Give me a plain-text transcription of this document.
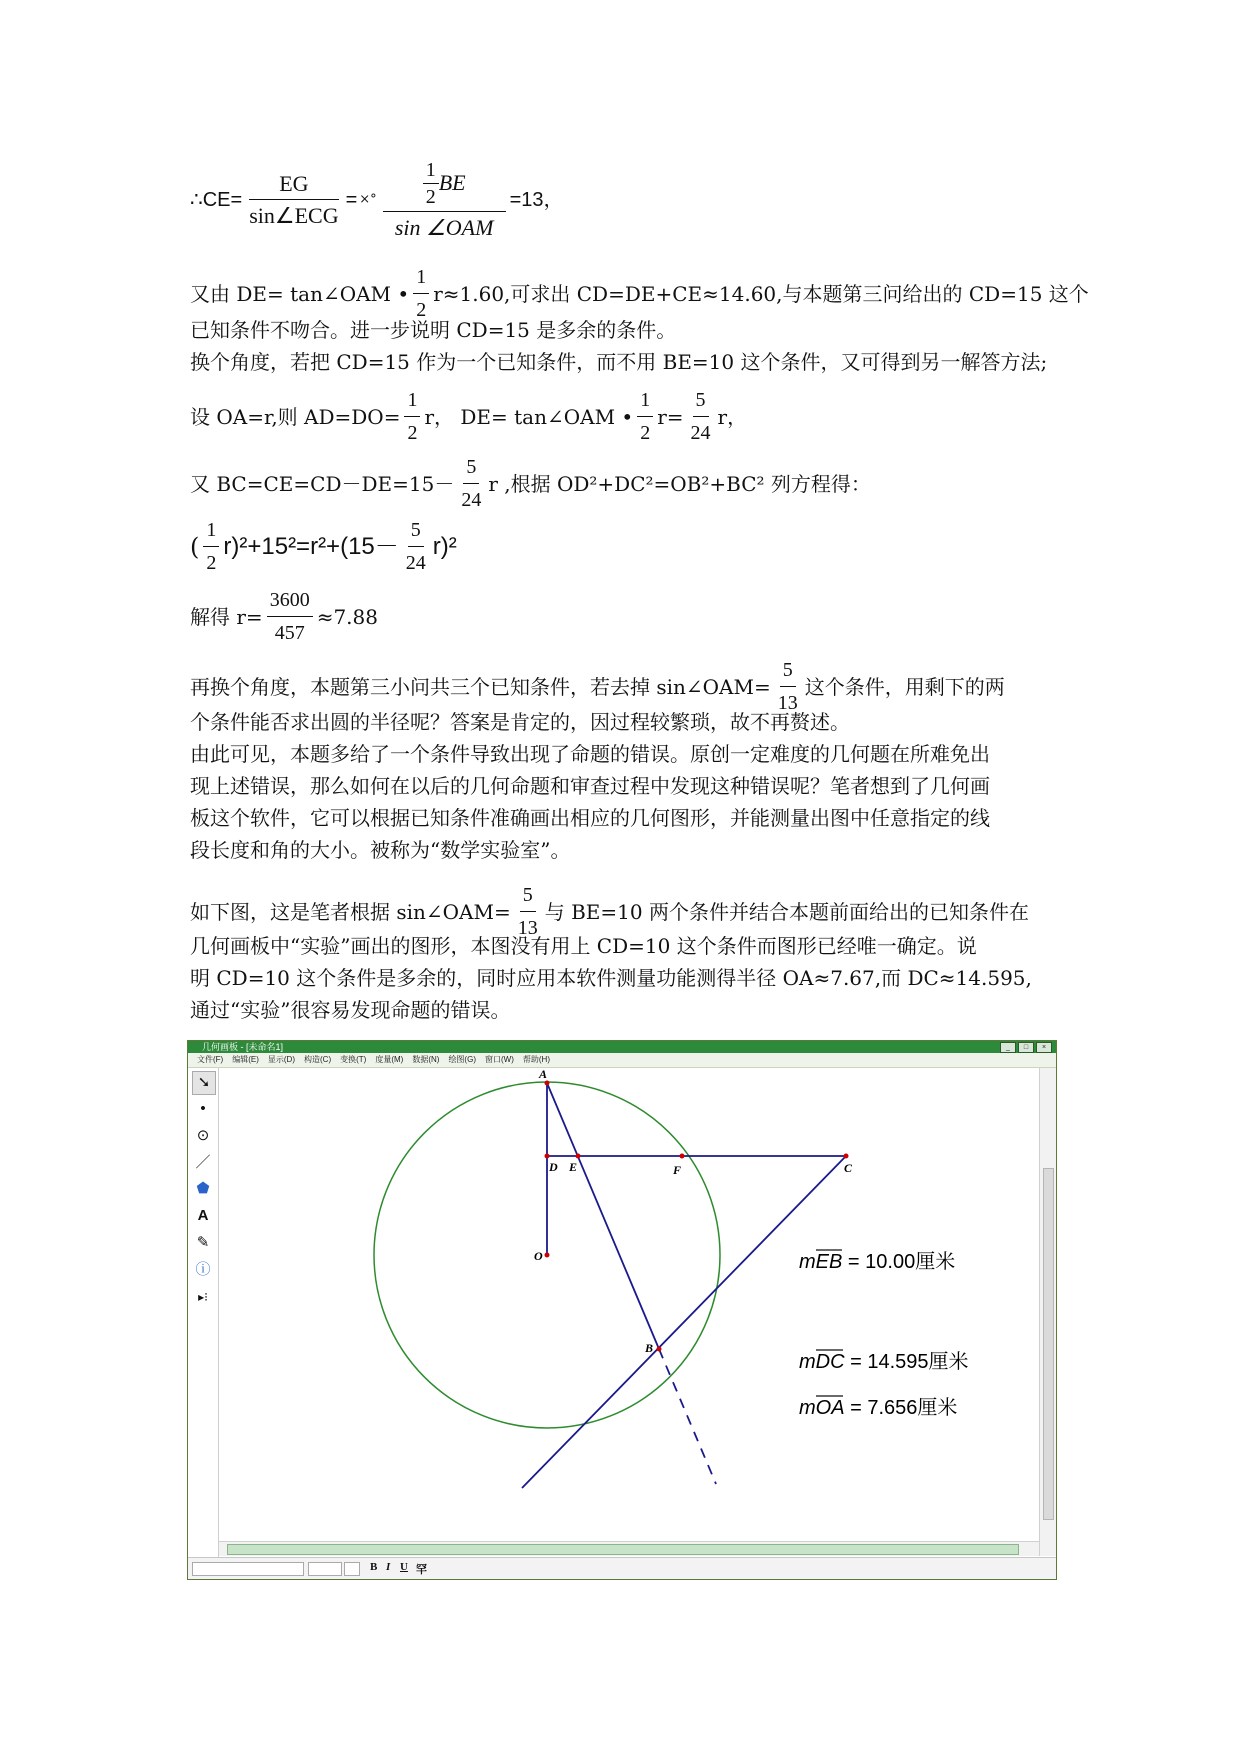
∴CE= $\frac{EG}{\text{sin∠ECG}}$ = ×° $\frac{\frac{1}{2} BE}{\text{sin ∠OAM}} =13$，
又由 DE= tan∠OAM • $\frac{1}{2} r\approx 1.60$,可求出 CD=DE+CE≈14.60,与本题第三问给出的 CD=15 这个
已知条件不吻合。进一步说明 CD=15 是多余的条件。
换个角度，若把 CD=15 作为一个已知条件，而不用 BE=10 这个条件，又可得到另一解答方法;
设 OA=r,则 $AD=DO= \frac{1}{2}$ r， DE= tan∠OAM • $\frac{1}{2} r= \frac{5}{24}$ r，
又 $BC=CE=CD-DE=15- \frac{5}{24}$ r ,根据 OD²+DC²=OB²+BC² 列方程得：
( $\frac{1}{2} r)^2+15^2=r^2+(15- \frac{5}{24} r)^2$
解得 $r= \frac{3600}{457} \approx 7.88$
再换个角度，本题第三小问共三个已知条件，若去掉 sin∠OAM= $\frac{5}{13}$ 这个条件，用剩下的两
个条件能否求出圆的半径呢？答案是肯定的，因过程较繁琐，故不再赘述。
由此可见，本题多给了一个条件导致出现了命题的错误。原创一定难度的几何题在所难免出
现上述错误，那么如何在以后的几何命题和审查过程中发现这种错误呢？笔者想到了几何画
板这个软件，它可以根据已知条件准确画出相应的几何图形，并能测量出图中任意指定的线
段长度和角的大小。被称为“数学实验室”。
如下图，这是笔者根据 sin∠OAM= $\frac{5}{13}$ 与 BE=10 两个条件并结合本题前面给出的已知条件在
几何画板中“实验”画出的图形，本图没有用上 CD=10 这个条件而图形已经唯一确定。说
明 CD=10 这个条件是多余的，同时应用本软件测量功能测得半径 OA≈7.67,而 DC≈14.595,
通过“实验”很容易发现命题的错误。
几何画板 - [未命名1]	_	□	×
文件(F) 编辑(E) 显示(D) 构造(C) 变换(T) 度量(M) 数据(N) 绘图(G) 窗口(W) 帮助(H)
➘
•
⊙
／
⬟
A
✎
ⓘ
▸⁝
A
D E	F	C
O
B
mEB = 10.00厘米
mDC = 14.595厘米
mOA = 7.656厘米
B I U 罕
